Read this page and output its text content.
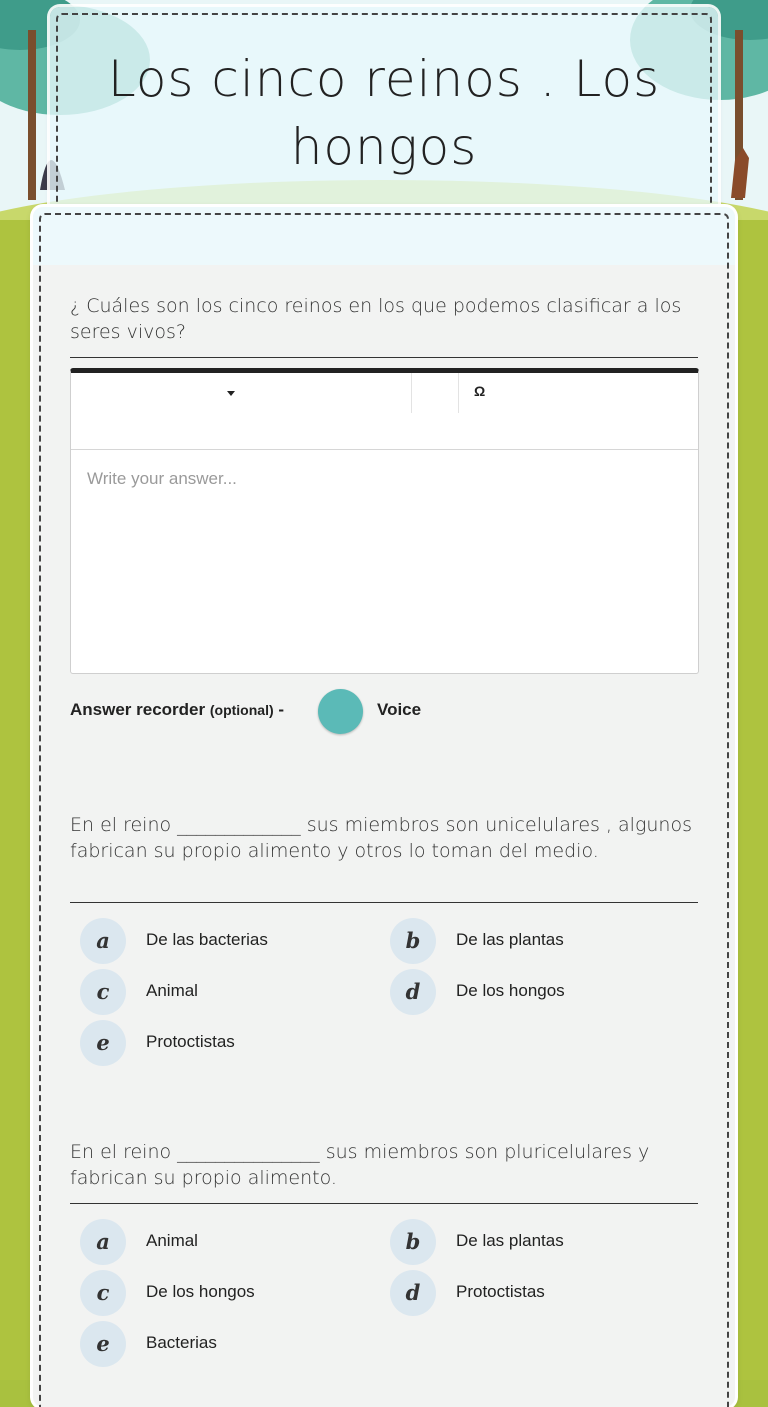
Los cinco reinos . Los hongos
¿ Cuáles son los cinco reinos en los que podemos clasificar a los seres vivos?
Ω
Write your answer...
Answer recorder (optional) -	Voice
En el reino _____________ sus miembros son unicelulares , algunos fabrican su propio alimento y otros lo toman del medio.
a	De las bacterias	b	De las plantas
c	Animal	d	De los hongos
e	Protoctistas
En el reino _______________ sus miembros son pluricelulares y fabrican su propio alimento.
a	Animal	b	De las plantas
c	De los hongos	d	Protoctistas
e	Bacterias
